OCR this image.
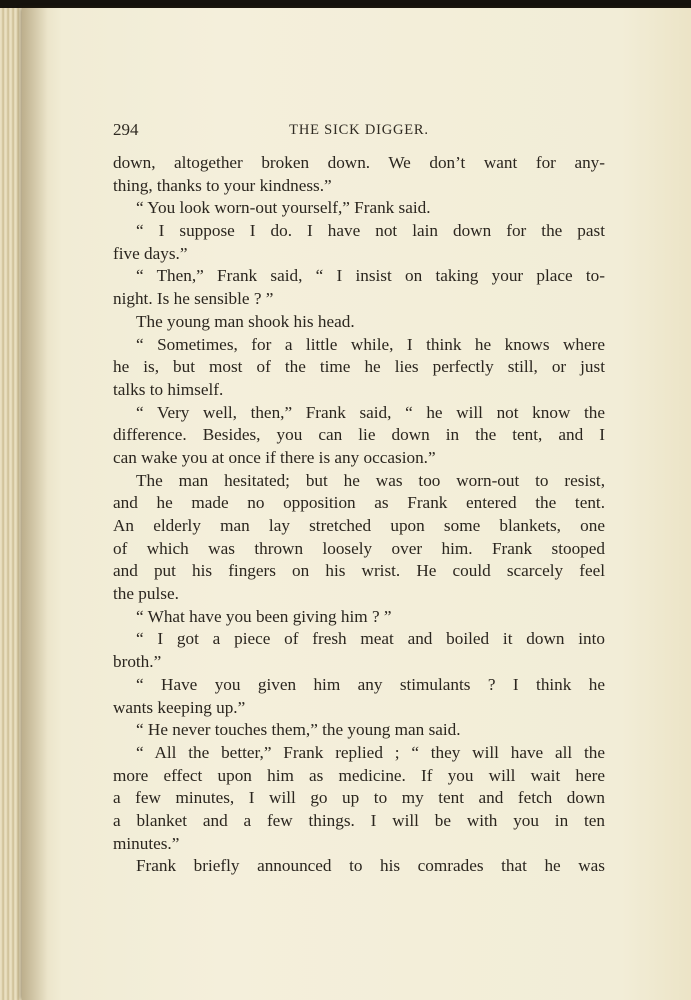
294	THE SICK DIGGER.
down, altogether broken down. We don’t want for any-
thing, thanks to your kindness.”
“ You look worn-out yourself,” Frank said.
“ I suppose I do. I have not lain down for the past
five days.”
“ Then,” Frank said, “ I insist on taking your place to-
night. Is he sensible ? ”
The young man shook his head.
“ Sometimes, for a little while, I think he knows where
he is, but most of the time he lies perfectly still, or just
talks to himself.
“ Very well, then,” Frank said, “ he will not know the
difference. Besides, you can lie down in the tent, and I
can wake you at once if there is any occasion.”
The man hesitated; but he was too worn-out to resist,
and he made no opposition as Frank entered the tent.
An elderly man lay stretched upon some blankets, one
of which was thrown loosely over him. Frank stooped
and put his fingers on his wrist. He could scarcely feel
the pulse.
“ What have you been giving him ? ”
“ I got a piece of fresh meat and boiled it down into
broth.”
“ Have you given him any stimulants ? I think he
wants keeping up.”
“ He never touches them,” the young man said.
“ All the better,” Frank replied ; “ they will have all the
more effect upon him as medicine. If you will wait here
a few minutes, I will go up to my tent and fetch down
a blanket and a few things. I will be with you in ten
minutes.”
Frank briefly announced to his comrades that he was
